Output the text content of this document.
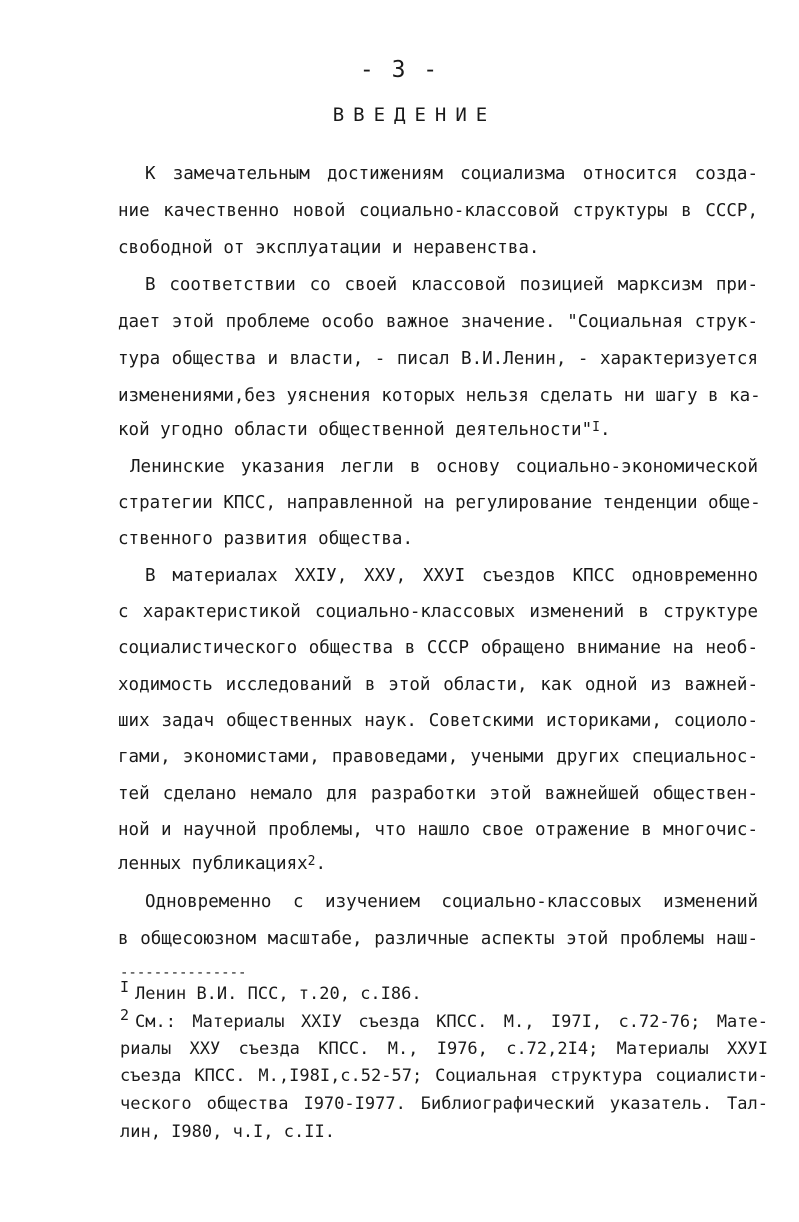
- 3 -
ВВЕДЕНИЕ
К замечательным достижениям социализма относится созда-
ние качественно новой социально-классовой структуры в СССР,
свободной от эксплуатации и неравенства.
В соответствии со своей классовой позицией марксизм при-
дает этой проблеме особо важное значение. "Социальная струк-
тура общества и власти, - писал В.И.Ленин, - характеризуется
изменениями,без уяснения которых нельзя сделать ни шагу в ка-
кой угодно области общественной деятельности"$^I$.
Ленинские указания легли в основу социально-экономической
стратегии КПСС, направленной на регулирование тенденции обще-
ственного развития общества.
В материалах XXIУ, XXУ, XXУI съездов КПСС одновременно
с характеристикой социально-классовых изменений в структуре
социалистического общества в СССР обращено внимание на необ-
ходимость исследований в этой области, как одной из важней-
ших задач общественных наук. Советскими историками, социоло-
гами, экономистами, правоведами, учеными других специальнос-
тей сделано немало для разработки этой важнейшей обществен-
ной и научной проблемы, что нашло свое отражение в многочис-
ленных публикациях$^2$.
Одновременно с изучением социально-классовых изменений
в общесоюзном масштабе, различные аспекты этой проблемы наш-
---------------
I Ленин В.И. ПСС, т.20, с.I86.
2 См.: Материалы XXIУ съезда КПСС. М., I97I, с.72-76; Мате-
риалы XXУ съезда КПСС. М., I976, с.72,2I4; Материалы XXУI
съезда КПСС. М.,I98I,с.52-57; Социальная структура социалисти-
ческого общества I970-I977. Библиографический указатель. Тал-
лин, I980, ч.I, с.II.
